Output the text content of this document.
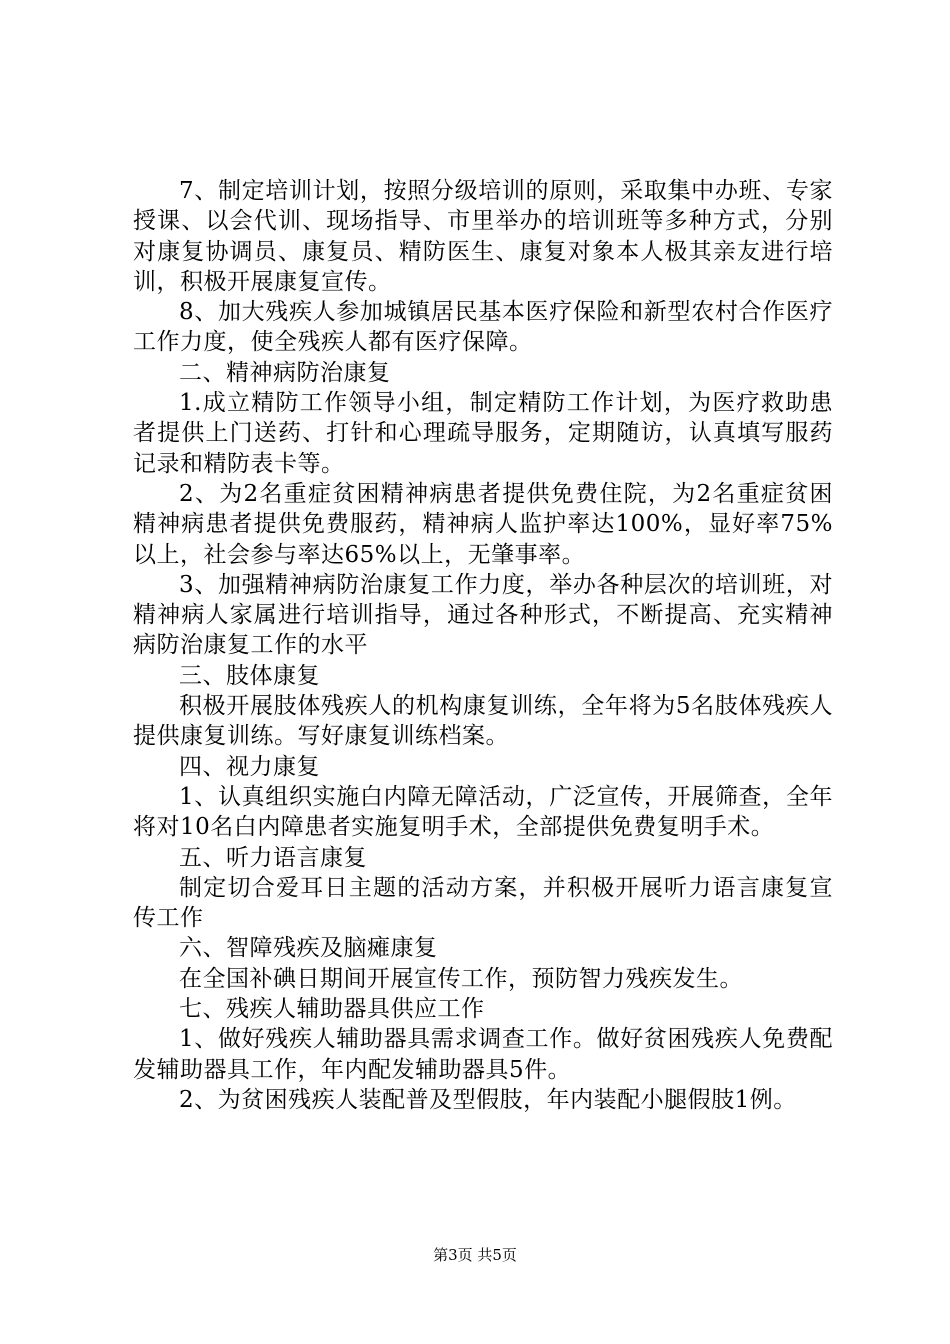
7、制定培训计划，按照分级培训的原则，采取集中办班、专家授课、以会代训、现场指导、市里举办的培训班等多种方式，分别对康复协调员、康复员、精防医生、康复对象本人极其亲友进行培训，积极开展康复宣传。

8、加大残疾人参加城镇居民基本医疗保险和新型农村合作医疗工作力度，使全残疾人都有医疗保障。

二、精神病防治康复

1.成立精防工作领导小组，制定精防工作计划，为医疗救助患者提供上门送药、打针和心理疏导服务，定期随访，认真填写服药记录和精防表卡等。

2、为2名重症贫困精神病患者提供免费住院，为2名重症贫困精神病患者提供免费服药，精神病人监护率达100%，显好率75%以上，社会参与率达65%以上，无肇事率。

3、加强精神病防治康复工作力度，举办各种层次的培训班，对精神病人家属进行培训指导，通过各种形式，不断提高、充实精神病防治康复工作的水平

三、肢体康复

积极开展肢体残疾人的机构康复训练，全年将为5名肢体残疾人提供康复训练。写好康复训练档案。

四、视力康复

1、认真组织实施白内障无障活动，广泛宣传，开展筛查，全年将对10名白内障患者实施复明手术，全部提供免费复明手术。

五、听力语言康复

制定切合爱耳日主题的活动方案，并积极开展听力语言康复宣传工作

六、智障残疾及脑瘫康复

在全国补碘日期间开展宣传工作，预防智力残疾发生。

七、残疾人辅助器具供应工作

1、做好残疾人辅助器具需求调查工作。做好贫困残疾人免费配发辅助器具工作，年内配发辅助器具5件。

2、为贫困残疾人装配普及型假肢，年内装配小腿假肢1例。

第3页 共5页
